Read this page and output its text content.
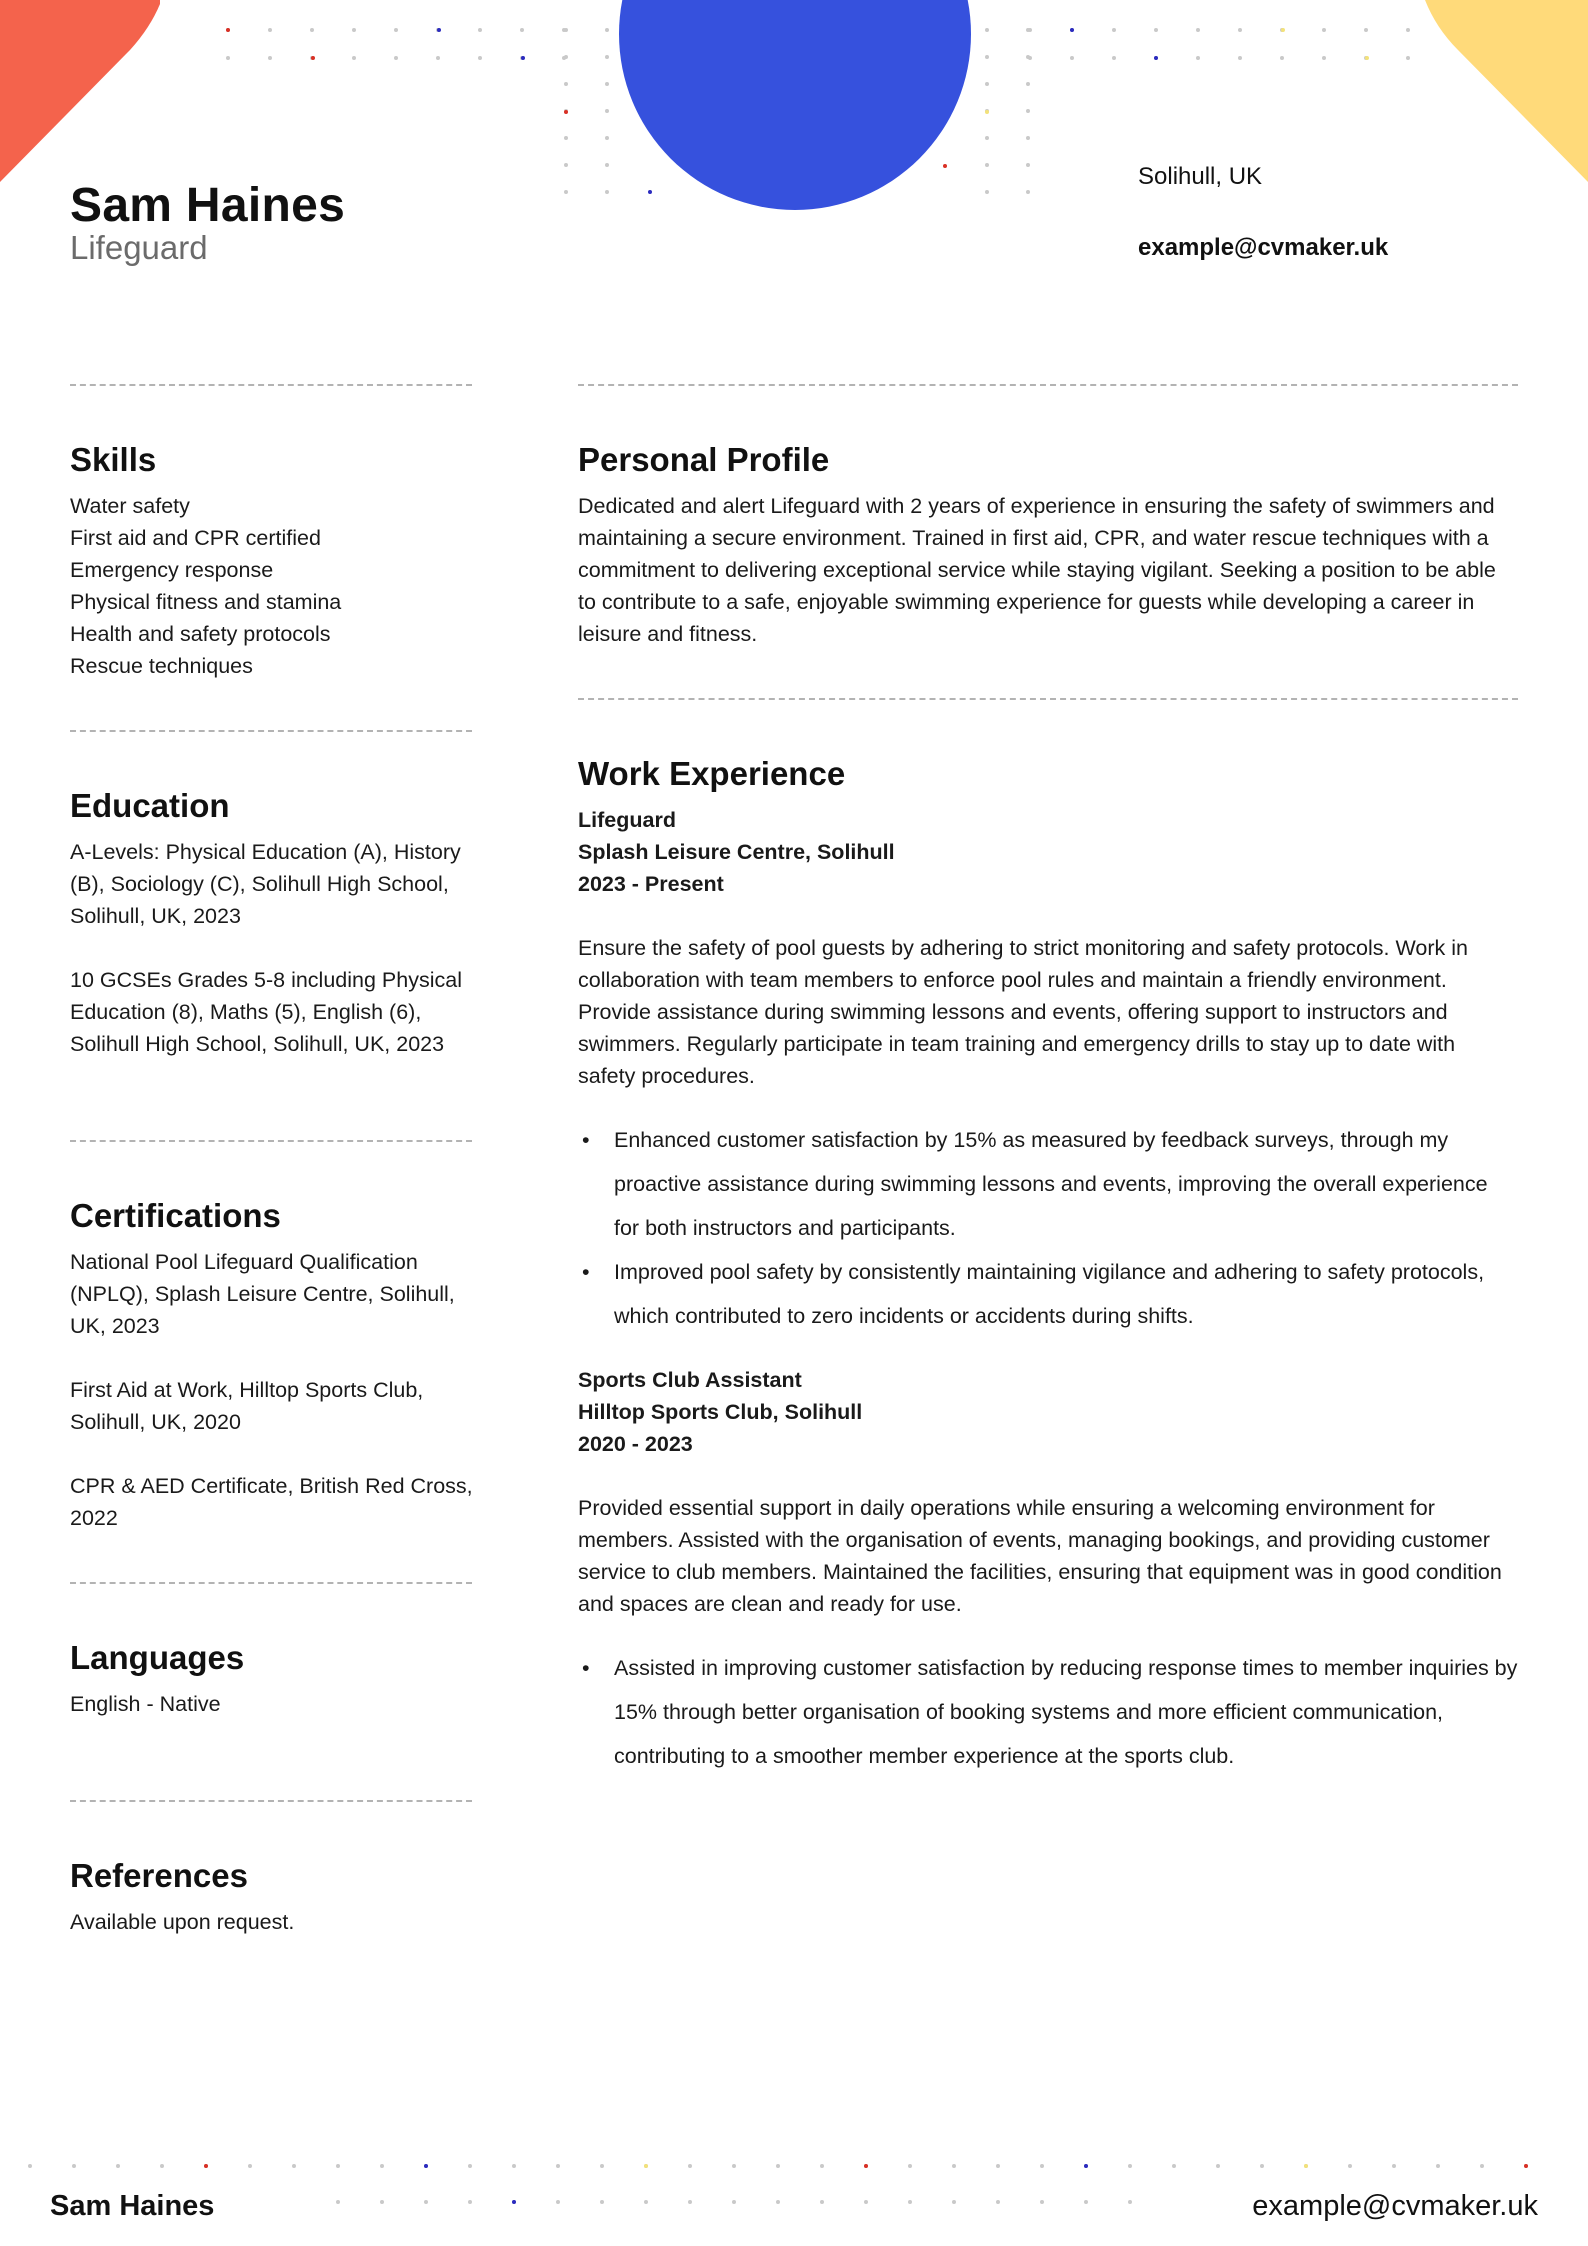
Sam Haines
Lifeguard
Solihull, UK
example@cvmaker.uk
Skills
Water safety
First aid and CPR certified
Emergency response
Physical fitness and stamina
Health and safety protocols
Rescue techniques
Education
A-Levels: Physical Education (A), History (B), Sociology (C), Solihull High School, Solihull, UK, 2023
10 GCSEs Grades 5-8 including Physical Education (8), Maths (5), English (6), Solihull High School, Solihull, UK, 2023
Certifications
National Pool Lifeguard Qualification (NPLQ), Splash Leisure Centre, Solihull, UK, 2023
First Aid at Work, Hilltop Sports Club, Solihull, UK, 2020
CPR & AED Certificate, British Red Cross, 2022
Languages
English - Native
References
Available upon request.
Personal Profile
Dedicated and alert Lifeguard with 2 years of experience in ensuring the safety of swimmers and maintaining a secure environment. Trained in first aid, CPR, and water rescue techniques with a commitment to delivering exceptional service while staying vigilant. Seeking a position to be able to contribute to a safe, enjoyable swimming experience for guests while developing a career in leisure and fitness.
Work Experience
Lifeguard
Splash Leisure Centre, Solihull
2023 - Present
Ensure the safety of pool guests by adhering to strict monitoring and safety protocols. Work in collaboration with team members to enforce pool rules and maintain a friendly environment. Provide assistance during swimming lessons and events, offering support to instructors and swimmers. Regularly participate in team training and emergency drills to stay up to date with safety procedures.
• Enhanced customer satisfaction by 15% as measured by feedback surveys, through my proactive assistance during swimming lessons and events, improving the overall experience for both instructors and participants.
• Improved pool safety by consistently maintaining vigilance and adhering to safety protocols, which contributed to zero incidents or accidents during shifts.
Sports Club Assistant
Hilltop Sports Club, Solihull
2020 - 2023
Provided essential support in daily operations while ensuring a welcoming environment for members. Assisted with the organisation of events, managing bookings, and providing customer service to club members. Maintained the facilities, ensuring that equipment was in good condition and spaces are clean and ready for use.
• Assisted in improving customer satisfaction by reducing response times to member inquiries by 15% through better organisation of booking systems and more efficient communication, contributing to a smoother member experience at the sports club.
Sam Haines	example@cvmaker.uk
